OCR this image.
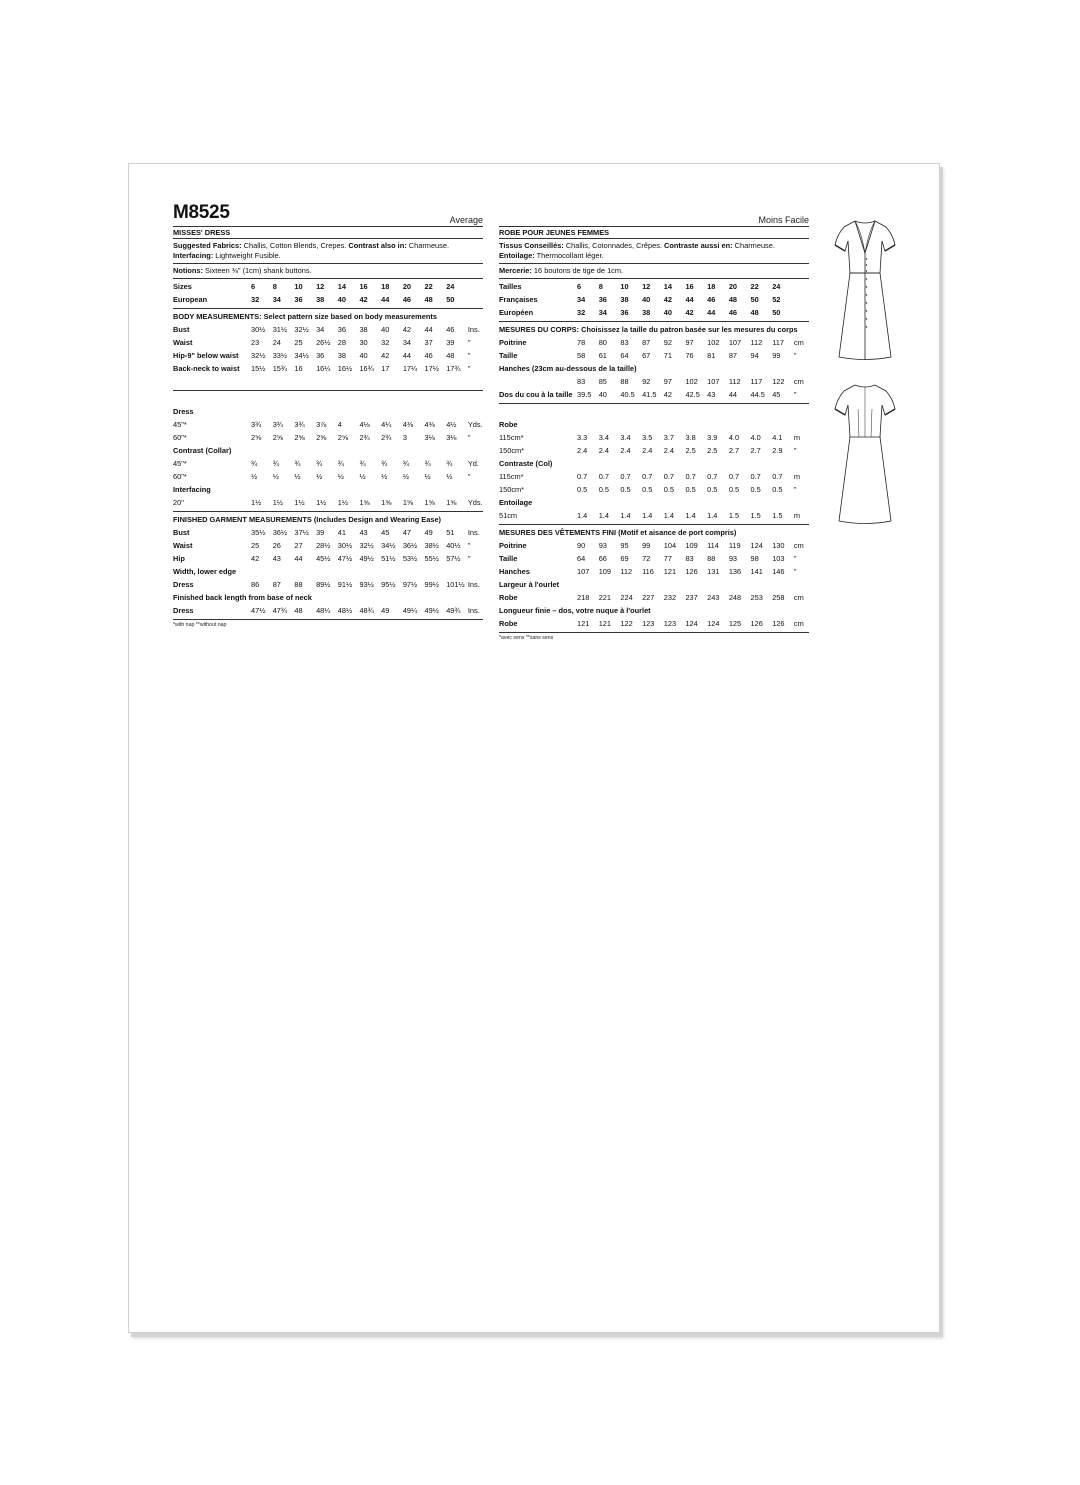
M8525	Average
MISSES' DRESS
Suggested Fabrics: Challis, Cotton Blends, Crepes. Contrast also in: Charmeuse. Interfacing: Lightweight Fusible.
Notions: Sixteen ⅜" (1cm) shank buttons.
Sizes	6	8	10	12	14	16	18	20	22	24
European	32	34	36	38	40	42	44	46	48	50
BODY MEASUREMENTS: Select pattern size based on body measurements
Bust	30½ 31½ 32½ 34	36	38	40	42	44	46	Ins.
Waist	23	24	25	26½ 28	30	32	34	37	39	"
Hip-9" below waist	32½ 33½ 34½ 36	38	40	42	44	46	48	"
Back-neck to waist	15½ 15¾ 16	16¼ 16½ 16¾ 17	17¼ 17½ 17¾ "
Dress
45"*	3¾	3¾	3¾	3⅞	4	4⅛	4¼	4⅜	4⅜	4½	Yds.
60"*	2⅝	2⅝	2⅝	2⅝	2⅝	2¾	2¾	3	3⅛	3⅛	"
Contrast (Collar)
45"*	¾	¾	¾	¾	¾	¾	¾	¾	¾	¾	Yd.
60"*	½	½	½	½	½	½	½	½	½	½	"
Interfacing
20"	1½	1½	1½	1½	1½	1⅝	1⅝	1⅝	1⅝	1⅝	Yds.
FINISHED GARMENT MEASUREMENTS (Includes Design and Wearing Ease)
Bust	35½ 36½ 37½ 39	41	43	45	47	49	51	Ins.
Waist	25	26	27	28½ 30½ 32½ 34½ 36½ 38½ 40½ "
Hip	42	43	44	45½ 47½ 49½ 51½ 53½ 55½ 57½ "
Width, lower edge
Dress	86	87	88	89½ 91½ 93½ 95½ 97½ 99½ 101½ Ins.
Finished back length from base of neck
Dress	47½ 47¾ 48	48¼ 48½ 48¾ 49	49¼ 49½ 49¾ Ins.
*with nap **without nap
Moins Facile
ROBE POUR JEUNES FEMMES
Tissus Conseillés: Challis, Cotonnades, Crêpes. Contraste aussi en: Charmeuse. Entoilage: Thermocollant léger.
Mercerie: 16 boutons de tige de 1cm.
Tailles	6	8	10	12	14	16	18	20	22	24
Françaises	34	36	38	40	42	44	46	48	50	52
Européen	32	34	36	38	40	42	44	46	48	50
MESURES DU CORPS: Choisissez la taille du patron basée sur les mesures du corps
Poitrine	78	80	83	87	92	97	102	107	112	117	cm
Taille	58	61	64	67	71	76	81	87	94	99	"
Hanches (23cm au-dessous de la taille)
83	85	88	92	97	102	107	112	117	122	cm
Dos du cou à la taille 39.5 40	40.5 41.5 42	42.5 43	44	44.5 45	"
Robe
115cm*	3.3	3.4	3.4	3.5	3.7	3.8	3.9	4.0	4.0	4.1	m
150cm*	2.4	2.4	2.4	2.4	2.4	2.5	2.5	2.7	2.7	2.9	"
Contraste (Col)
115cm*	0.7	0.7	0.7	0.7	0.7	0.7	0.7	0.7	0.7	0.7	m
150cm*	0.5	0.5	0.5	0.5	0.5	0.5	0.5	0.5	0.5	0.5	"
Entoilage
51cm	1.4	1.4	1.4	1.4	1.4	1.4	1.4	1.5	1.5	1.5	m
MESURES DES VÊTEMENTS FINI (Motif et aisance de port compris)
Poitrine	90	93	95	99	104	109	114	119	124	130	cm
Taille	64	66	69	72	77	83	88	93	98	103	"
Hanches	107	109	112	116	121	126	131	136	141	146	"
Largeur à l'ourlet
Robe	218	221	224	227	232	237	243	248	253	258	cm
Longueur finie – dos, votre nuque à l'ourlet
Robe	121	121	122	123	123	124	124	125	126	126	cm
*avec sens **sans sens
